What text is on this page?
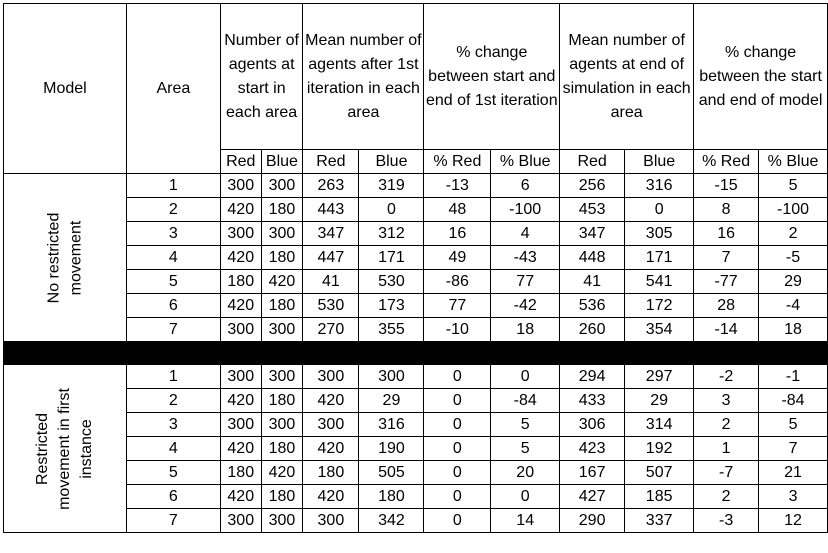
Model	Area	Number of agents at start in each area		Mean number of agents after 1st iteration in each area		% change between start and end of 1st iteration		Mean number of agents at end of simulation in each area		% change between the start and end of model	
		Red	Blue	Red	Blue	% Red	% Blue	Red	Blue	% Red	% Blue

No restricted movement	1	300	300	263	319	-13	6	256	316	-15	5
	2	420	180	443	0	48	-100	453	0	8	-100
	3	300	300	347	312	16	4	347	305	16	2
	4	420	180	447	171	49	-43	448	171	7	-5
	5	180	420	41	530	-86	77	41	541	-77	29
	6	420	180	530	173	77	-42	536	172	28	-4
	7	300	300	270	355	-10	18	260	354	-14	18

Restricted movement in first instance	1	300	300	300	300	0	0	294	297	-2	-1
	2	420	180	420	29	0	-84	433	29	3	-84
	3	300	300	300	316	0	5	306	314	2	5
	4	420	180	420	190	0	5	423	192	1	7
	5	180	420	180	505	0	20	167	507	-7	21
	6	420	180	420	180	0	0	427	185	2	3
	7	300	300	300	342	0	14	290	337	-3	12
